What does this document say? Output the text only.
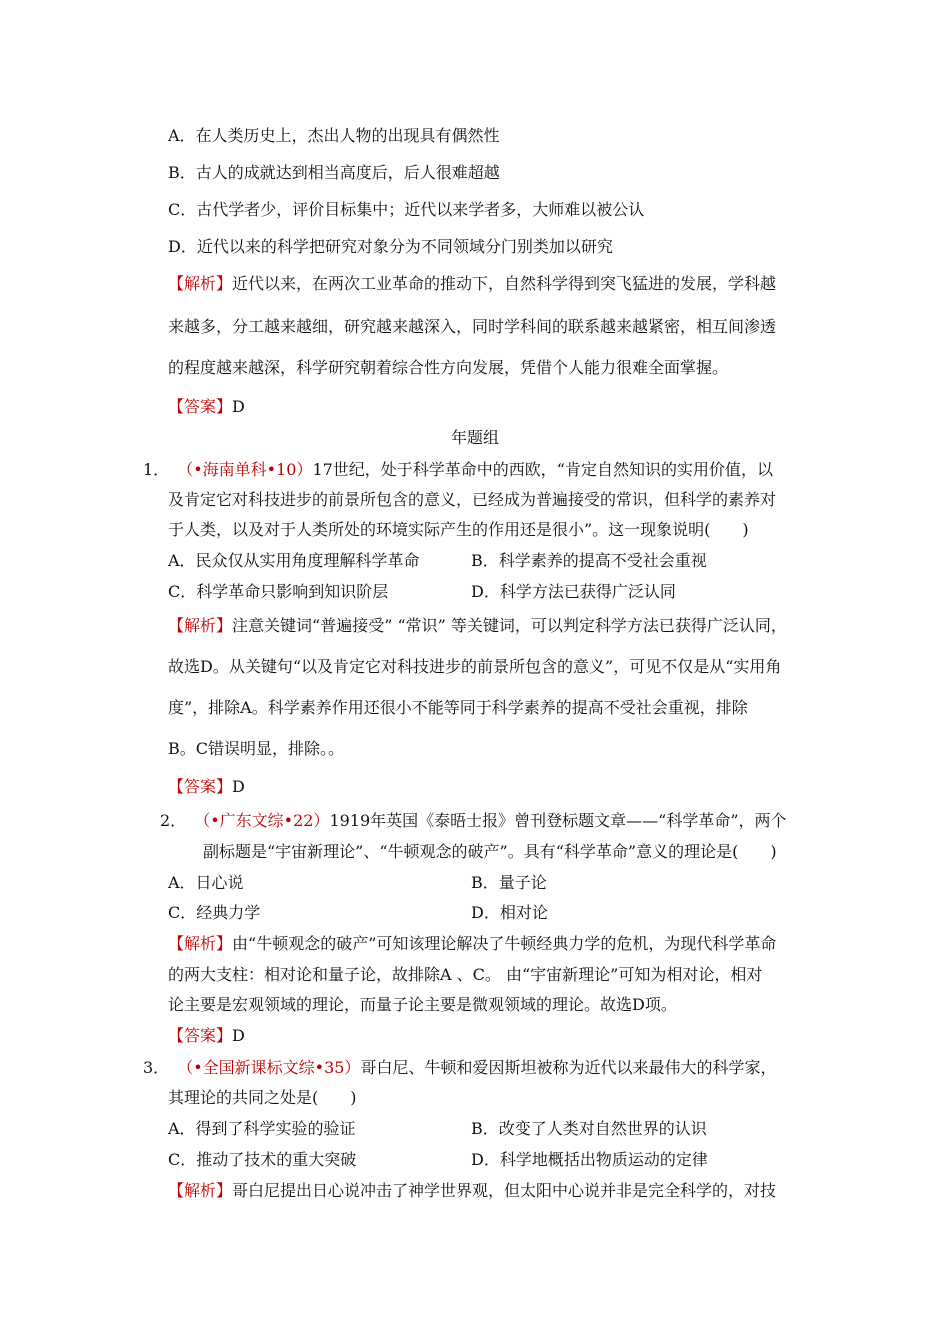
A．在人类历史上，杰出人物的出现具有偶然性
B．古人的成就达到相当高度后，后人很难超越
C．古代学者少，评价目标集中；近代以来学者多，大师难以被公认
D．近代以来的科学把研究对象分为不同领域分门别类加以研究
【解析】近代以来，在两次工业革命的推动下，自然科学得到突飞猛进的发展，学科越
来越多，分工越来越细，研究越来越深入，同时学科间的联系越来越紧密，相互间渗透
的程度越来越深，科学研究朝着综合性方向发展，凭借个人能力很难全面掌握。
【答案】D
年题组
1． （•海南单科•10）17世纪，处于科学革命中的西欧，“肯定自然知识的实用价值，以
及肯定它对科技进步的前景所包含的意义，已经成为普遍接受的常识，但科学的素养对
于人类，以及对于人类所处的环境实际产生的作用还是很小”。这一现象说明(　　)
A．民众仅从实用角度理解科学革命	B．科学素养的提高不受社会重视
C．科学革命只影响到知识阶层	D．科学方法已获得广泛认同
【解析】注意关键词“普遍接受” “常识” 等关键词，可以判定科学方法已获得广泛认同，
故选D。从关键句“以及肯定它对科技进步的前景所包含的意义”，可见不仅是从“实用角
度”，排除A。科学素养作用还很小不能等同于科学素养的提高不受社会重视，排除
B。C错误明显，排除。。
【答案】D
2． （•广东文综•22）1919年英国《泰晤士报》曾刊登标题文章——“科学革命”，两个
副标题是“宇宙新理论”、“牛顿观念的破产”。具有“科学革命”意义的理论是(　　)
A．日心说	B．量子论
C．经典力学	D．相对论
【解析】由“牛顿观念的破产”可知该理论解决了牛顿经典力学的危机，为现代科学革命
的两大支柱：相对论和量子论，故排除A 、C。 由“宇宙新理论”可知为相对论，相对
论主要是宏观领域的理论，而量子论主要是微观领域的理论。故选D项。
【答案】D
3． （•全国新课标文综•35）哥白尼、牛顿和爱因斯坦被称为近代以来最伟大的科学家，
其理论的共同之处是(　　)
A．得到了科学实验的验证	B．改变了人类对自然世界的认识
C．推动了技术的重大突破	D．科学地概括出物质运动的定律
【解析】哥白尼提出日心说冲击了神学世界观，但太阳中心说并非是完全科学的，对技
